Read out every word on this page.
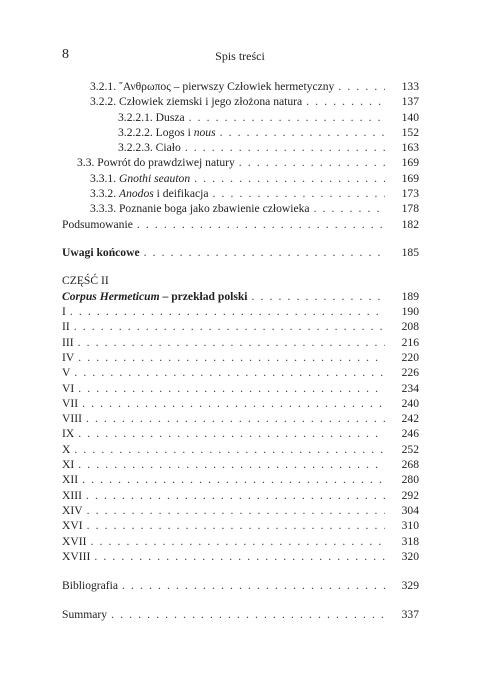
8	Spis treści
3.2.1. ῎Ανθρωπος – pierwszy Człowiek hermetyczny . . .	133
3.2.2. Człowiek ziemski i jego złożona natura . . .	137
3.2.2.1. Dusza . . .	140
3.2.2.2. Logos i nous . . .	152
3.2.2.3. Ciało . . .	163
3.3. Powrót do prawdziwej natury . . .	169
3.3.1. Gnothi seauton . . .	169
3.3.2. Anodos i deifikacja . . .	173
3.3.3. Poznanie boga jako zbawienie człowieka . . .	178
Podsumowanie . . .	182
Uwagi końcowe . . .	185
CZĘŚĆ II
Corpus Hermeticum – przekład polski . . .	189
I . . .	190
II . . .	208
III . . .	216
IV . . .	220
V . . .	226
VI . . .	234
VII . . .	240
VIII . . .	242
IX . . .	246
X . . .	252
XI . . .	268
XII . . .	280
XIII . . .	292
XIV . . .	304
XVI . . .	310
XVII . . .	318
XVIII . . .	320
Bibliografia . . .	329
Summary . . .	337
